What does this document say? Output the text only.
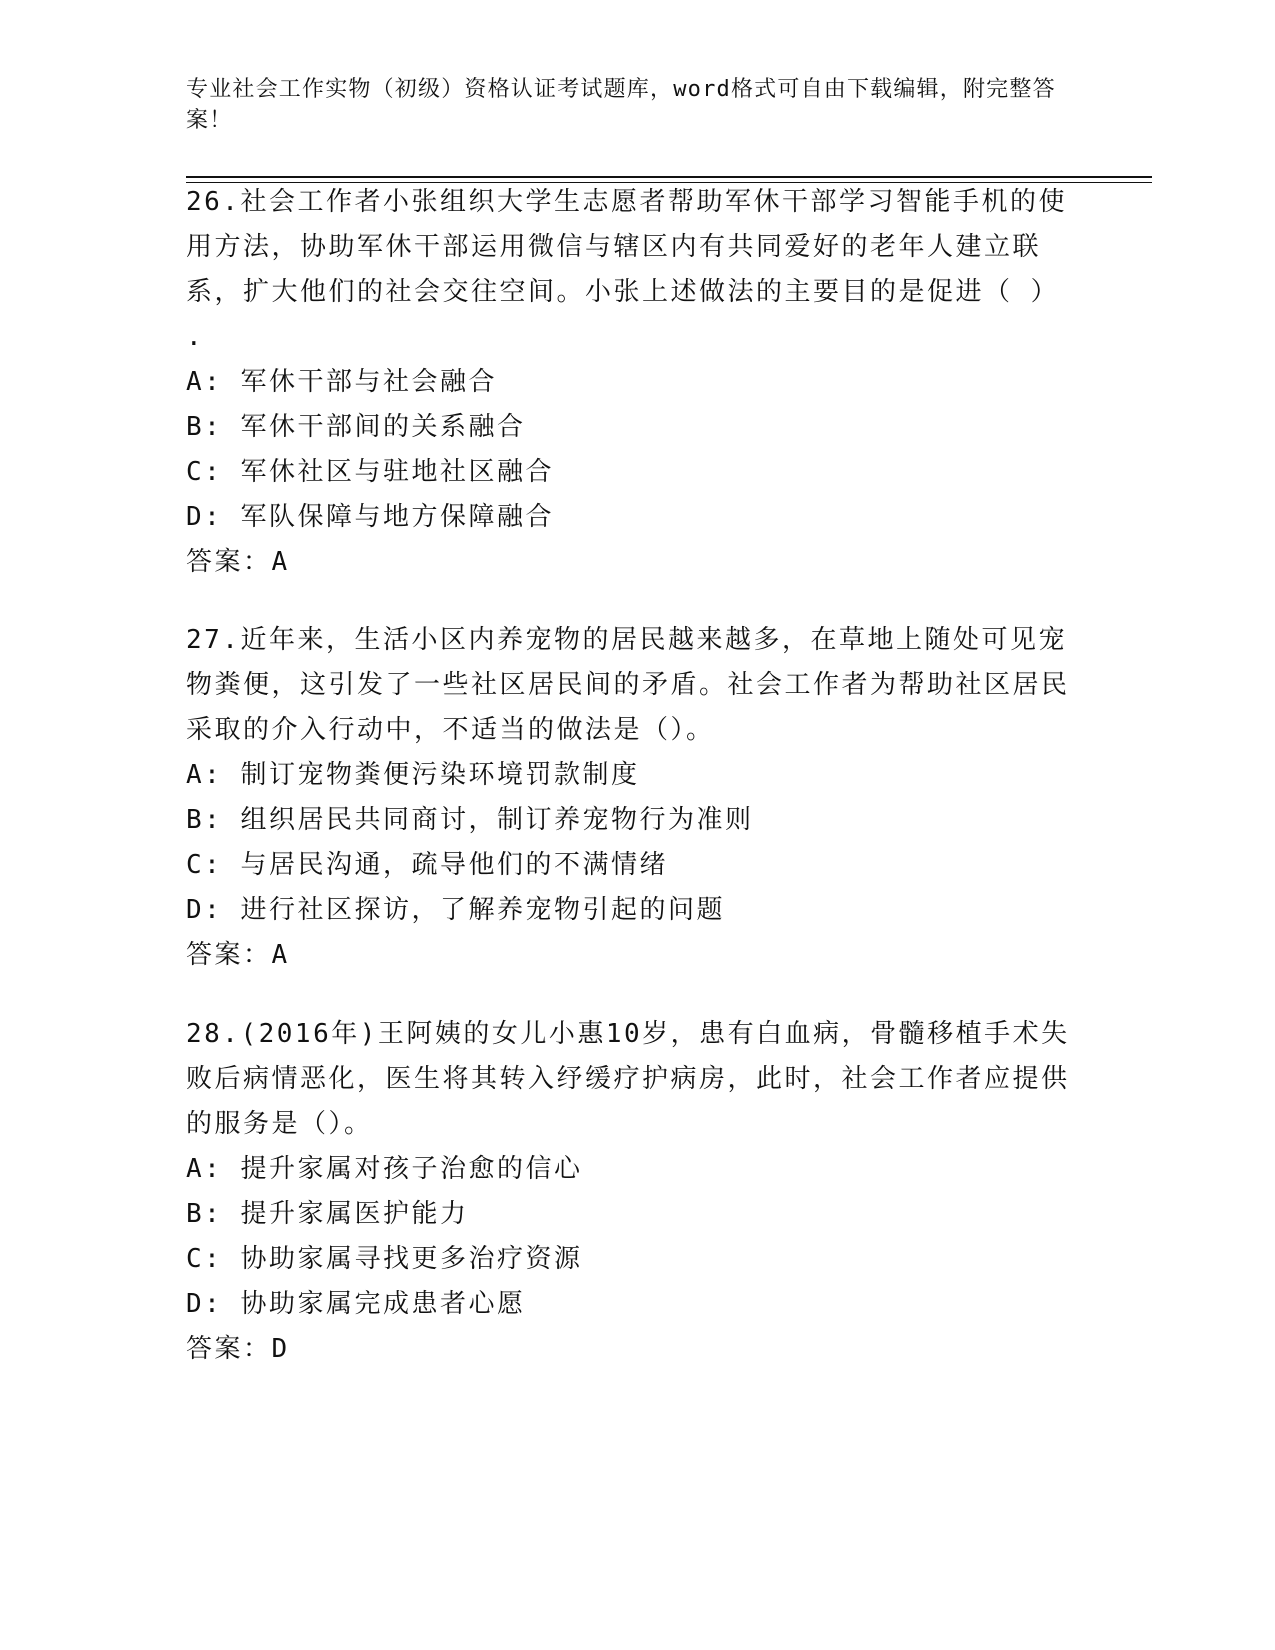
专业社会工作实物（初级）资格认证考试题库，word格式可自由下载编辑，附完整答案！

26.社会工作者小张组织大学生志愿者帮助军休干部学习智能手机的使用方法，协助军休干部运用微信与辖区内有共同爱好的老年人建立联系，扩大他们的社会交往空间。小张上述做法的主要目的是促进（ ）

.
A: 军休干部与社会融合
B: 军休干部间的关系融合
C: 军休社区与驻地社区融合
D: 军队保障与地方保障融合
答案：A

27.近年来，生活小区内养宠物的居民越来越多，在草地上随处可见宠物粪便，这引发了一些社区居民间的矛盾。社会工作者为帮助社区居民采取的介入行动中，不适当的做法是（）。

A: 制订宠物粪便污染环境罚款制度
B: 组织居民共同商讨，制订养宠物行为准则
C: 与居民沟通，疏导他们的不满情绪
D: 进行社区探访，了解养宠物引起的问题
答案：A

28.(2016年)王阿姨的女儿小惠10岁，患有白血病，骨髓移植手术失败后病情恶化，医生将其转入纾缓疗护病房，此时，社会工作者应提供的服务是（）。

A: 提升家属对孩子治愈的信心
B: 提升家属医护能力
C: 协助家属寻找更多治疗资源
D: 协助家属完成患者心愿
答案：D
